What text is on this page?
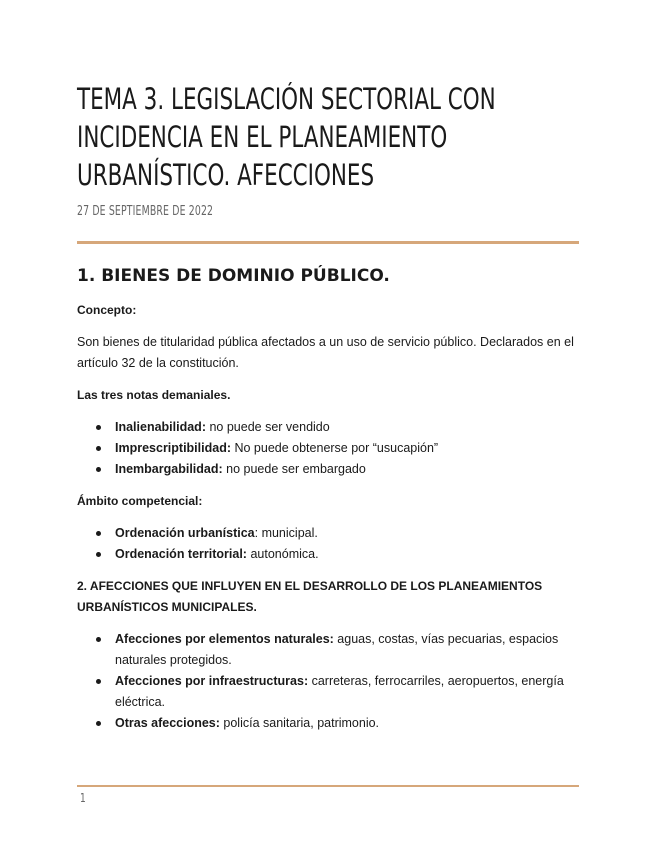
TEMA 3. LEGISLACIÓN SECTORIAL CON
INCIDENCIA EN EL PLANEAMIENTO
URBANÍSTICO. AFECCIONES
27 DE SEPTIEMBRE DE 2022
1. BIENES DE DOMINIO PÚBLICO.

Concepto:

Son bienes de titularidad pública afectados a un uso de servicio público. Declarados en el artículo 32 de la constitución.

Las tres notas demaniales.

Inalienabilidad: no puede ser vendido
Imprescriptibilidad: No puede obtenerse por “usucapión”
Inembargabilidad: no puede ser embargado

Ámbito competencial:

Ordenación urbanística: municipal.
Ordenación territorial: autonómica.

2. AFECCIONES QUE INFLUYEN EN EL DESARROLLO DE LOS PLANEAMIENTOS
URBANÍSTICOS MUNICIPALES.

Afecciones por elementos naturales: aguas, costas, vías pecuarias, espacios naturales protegidos.
Afecciones por infraestructuras: carreteras, ferrocarriles, aeropuertos, energía eléctrica.
Otras afecciones: policía sanitaria, patrimonio.
1
